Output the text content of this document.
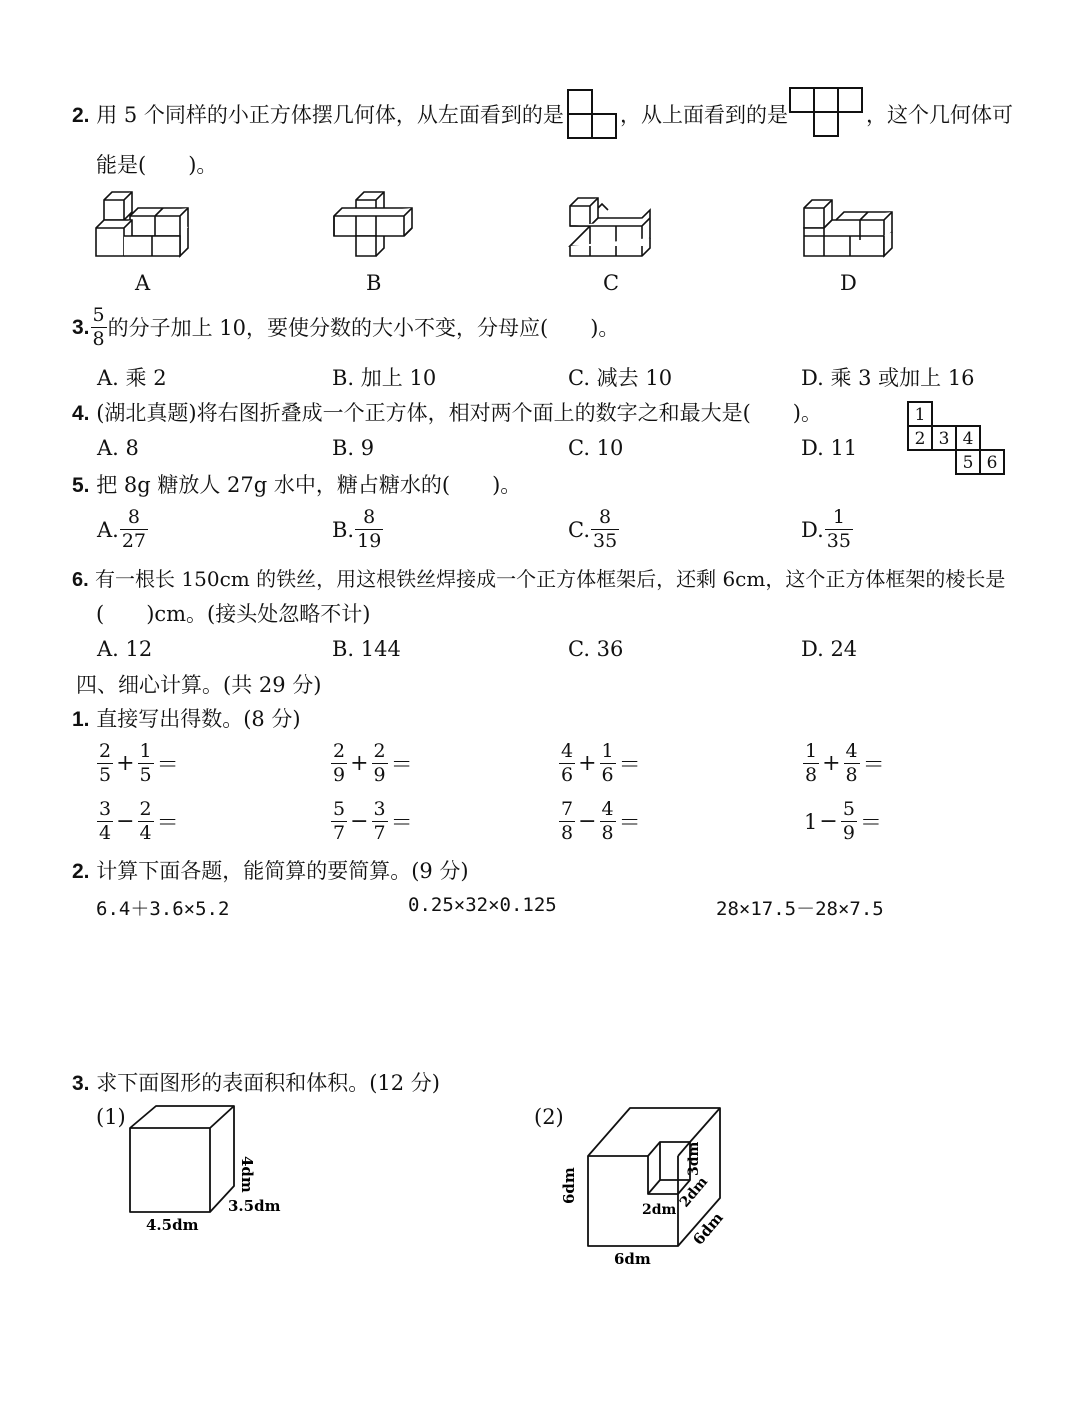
2. 用 5 个同样的小正方体摆几何体，从左面看到的是	，从上面看到的是	，这个几何体可
能是(　　)。
A	B	C	D
3. $\frac{5}{8}$ 的分子加上 10，要使分数的大小不变，分母应(　　)。
A. 乘 2	B. 加上 10	C. 减去 10	D. 乘 3 或加上 16
4. (湖北真题)将右图折叠成一个正方体，相对两个面上的数字之和最大是(　　)。
A. 8	B. 9	C. 10	D. 11
1
2 3 4
5 6
5. 把 8g 糖放人 27g 水中，糖占糖水的(　　)。
A. $\frac{8}{27}$	B. $\frac{8}{19}$	C. $\frac{8}{35}$	D. $\frac{1}{35}$
6. 有一根长 150cm 的铁丝，用这根铁丝焊接成一个正方体框架后，还剩 6cm，这个正方体框架的棱长是
(　　)cm。(接头处忽略不计)
A. 12	B. 144	C. 36	D. 24
四、细心计算。(共 29 分)
1. 直接写出得数。(8 分)
$\frac{2}{5} + \frac{1}{5}$ ＝	$\frac{2}{9} + \frac{2}{9}$ ＝	$\frac{4}{6} + \frac{1}{6}$ ＝	$\frac{1}{8} + \frac{4}{8}$ ＝
$\frac{3}{4} - \frac{2}{4}$ ＝	$\frac{5}{7} - \frac{3}{7}$ ＝	$\frac{7}{8} - \frac{4}{8}$ ＝	$1 - \frac{5}{9}$ ＝
2. 计算下面各题，能简算的要简算。(9 分)
6.4＋3.6×5.2	0.25×32×0.125	28×17.5－28×7.5
3. 求下面图形的表面积和体积。(12 分)
(1)
4dm
3.5dm
4.5dm
(2)
6dm
6dm
6dm
3dm
2dm 2dm
